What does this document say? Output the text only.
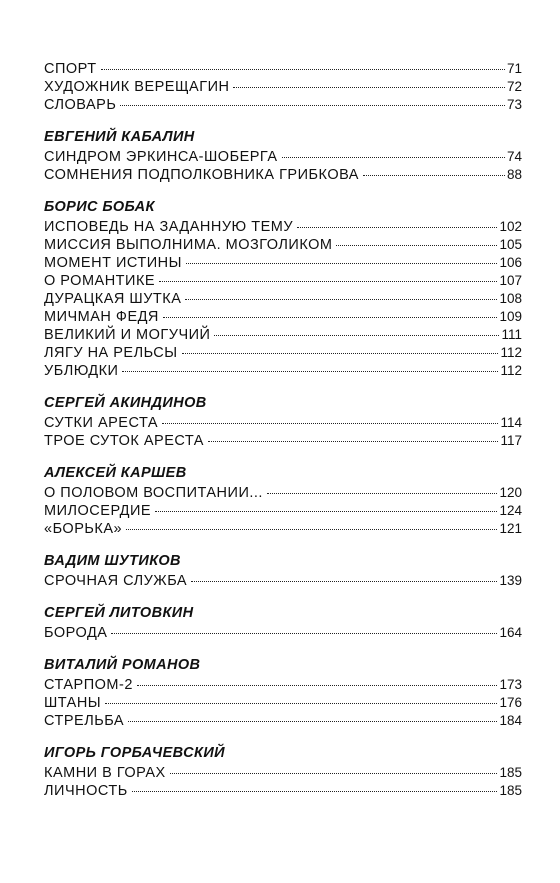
СПОРТ	71
ХУДОЖНИК ВЕРЕЩАГИН	72
СЛОВАРЬ	73
ЕВГЕНИЙ КАБАЛИН
СИНДРОМ ЭРКИНСА-ШОБЕРГА	74
СОМНЕНИЯ ПОДПОЛКОВНИКА ГРИБКОВА	88
БОРИС БОБАК
ИСПОВЕДЬ НА ЗАДАННУЮ ТЕМУ	102
МИССИЯ ВЫПОЛНИМА. МОЗГОЛИКОМ	105
МОМЕНТ ИСТИНЫ	106
О РОМАНТИКЕ	107
ДУРАЦКАЯ ШУТКА	108
МИЧМАН ФЕДЯ	109
ВЕЛИКИЙ И МОГУЧИЙ	111
ЛЯГУ НА РЕЛЬСЫ	112
УБЛЮДКИ	112
СЕРГЕЙ АКИНДИНОВ
СУТКИ АРЕСТА	114
ТРОЕ СУТОК АРЕСТА	117
АЛЕКСЕЙ КАРШЕВ
О ПОЛОВОМ ВОСПИТАНИИ...	120
МИЛОСЕРДИЕ	124
«БОРЬКА»	121
ВАДИМ ШУТИКОВ
СРОЧНАЯ СЛУЖБА	139
СЕРГЕЙ ЛИТОВКИН
БОРОДА	164
ВИТАЛИЙ РОМАНОВ
СТАРПОМ-2	173
ШТАНЫ	176
СТРЕЛЬБА	184
ИГОРЬ ГОРБАЧЕВСКИЙ
КАМНИ В ГОРАХ	185
ЛИЧНОСТЬ	185
